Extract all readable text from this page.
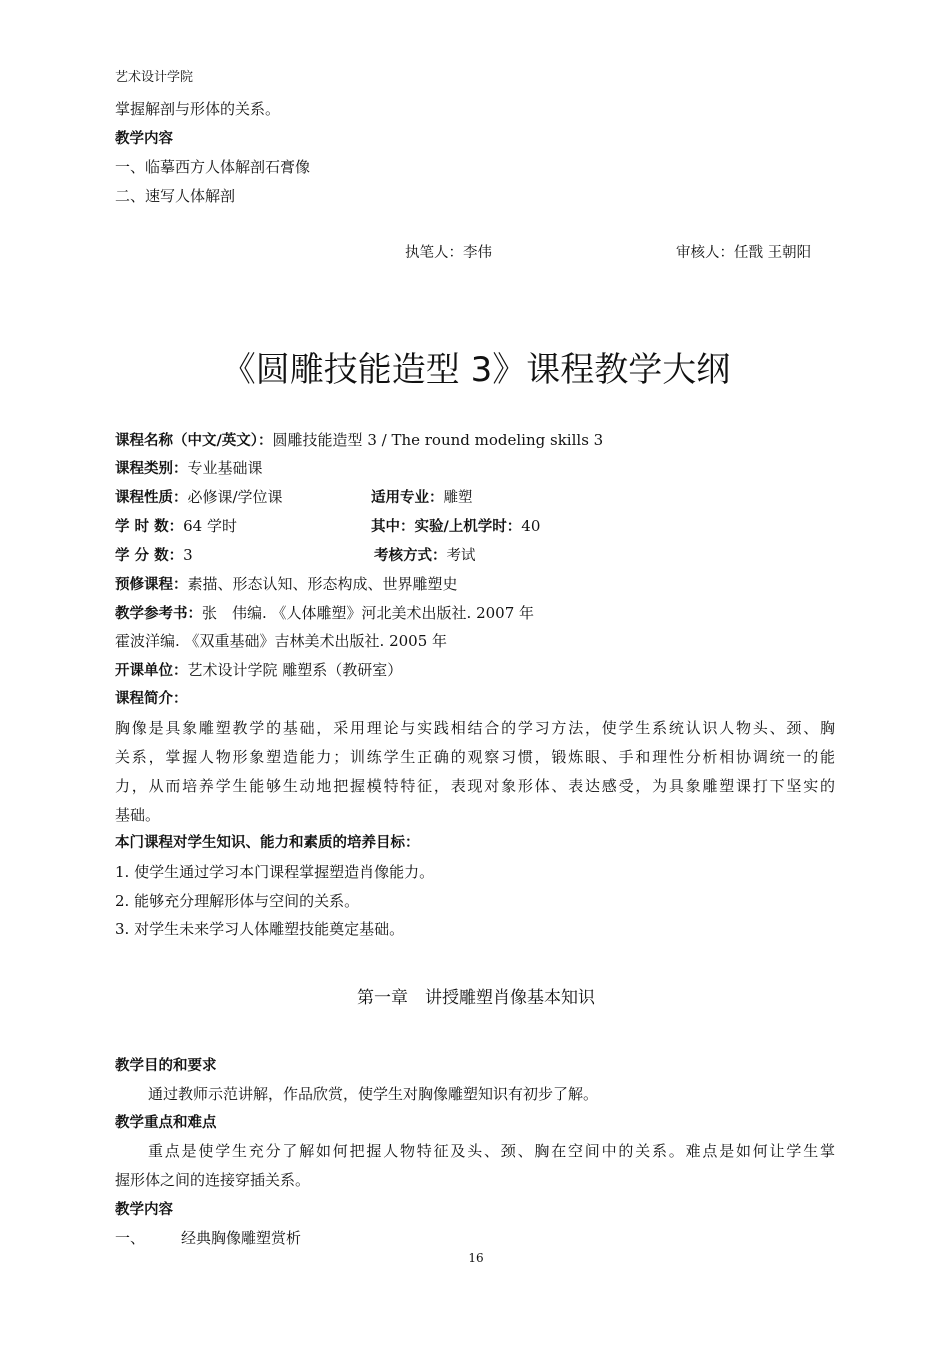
艺术设计学院
掌握解剖与形体的关系。
教学内容
一、临摹西方人体解剖石膏像
二、速写人体解剖
执笔人：李伟	审核人：任戬 王朝阳
《圆雕技能造型 3》课程教学大纲
课程名称（中文/英文）：圆雕技能造型 3 / The round modeling skills 3
课程类别：专业基础课
课程性质：必修课/学位课	适用专业：雕塑
学 时 数：64 学时	其中：实验/上机学时：40
学 分 数：3	考核方式：考试
预修课程：素描、形态认知、形态构成、世界雕塑史
教学参考书：张　伟编. 《人体雕塑》河北美术出版社. 2007 年
霍波洋编. 《双重基础》吉林美术出版社. 2005 年
开课单位：艺术设计学院 雕塑系（教研室）
课程简介：
胸像是具象雕塑教学的基础，采用理论与实践相结合的学习方法，使学生系统认识人物头、颈、胸
关系，掌握人物形象塑造能力；训练学生正确的观察习惯，锻炼眼、手和理性分析相协调统一的能
力，从而培养学生能够生动地把握模特特征，表现对象形体、表达感受，为具象雕塑课打下坚实的
基础。
本门课程对学生知识、能力和素质的培养目标：
1. 使学生通过学习本门课程掌握塑造肖像能力。
2. 能够充分理解形体与空间的关系。
3. 对学生未来学习人体雕塑技能奠定基础。
第一章　讲授雕塑肖像基本知识
教学目的和要求
通过教师示范讲解，作品欣赏，使学生对胸像雕塑知识有初步了解。
教学重点和难点
重点是使学生充分了解如何把握人物特征及头、颈、胸在空间中的关系。难点是如何让学生掌
握形体之间的连接穿插关系。
教学内容
一、 经典胸像雕塑赏析
16
